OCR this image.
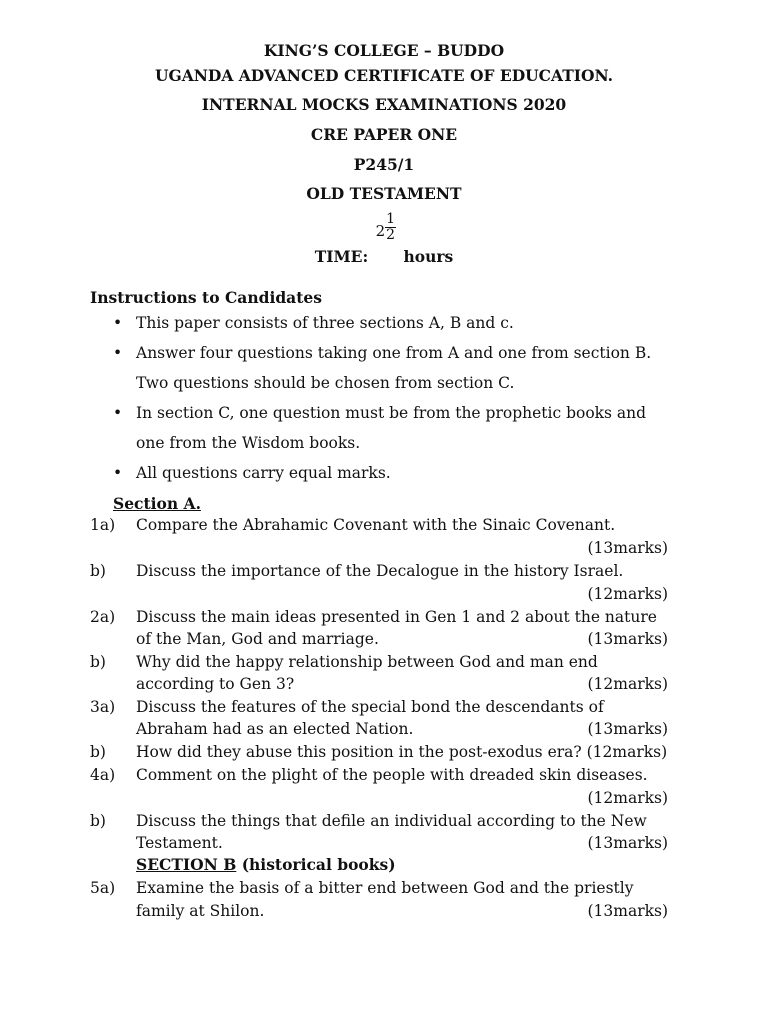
KING’S COLLEGE – BUDDO
UGANDA ADVANCED CERTIFICATE OF EDUCATION.
INTERNAL MOCKS EXAMINATIONS 2020
CRE PAPER ONE
P245/1
OLD TESTAMENT
TIME: $2 \frac{1}{2}$
hours
Instructions to Candidates
• This paper consists of three sections A, B and c.
• Answer four questions taking one from A and one from section B.
Two questions should be chosen from section C.
• In section C, one question must be from the prophetic books and
one from the Wisdom books.
• All questions carry equal marks.
Section A.
1a) Compare the Abrahamic Covenant with the Sinaic Covenant.
(13marks)
b) Discuss the importance of the Decalogue in the history Israel.
(12marks)
2a) Discuss the main ideas presented in Gen 1 and 2 about the nature
of the Man, God and marriage.	(13marks)
b) Why did the happy relationship between God and man end
according to Gen 3?	(12marks)
3a) Discuss the features of the special bond the descendants of
Abraham had as an elected Nation.	(13marks)
b) How did they abuse this position in the post-exodus era? (12marks)
4a) Comment on the plight of the people with dreaded skin diseases.
(12marks)
b) Discuss the things that defile an individual according to the New
Testament.	(13marks)
SECTION B (historical books)
5a) Examine the basis of a bitter end between God and the priestly
family at Shilon.	(13marks)
